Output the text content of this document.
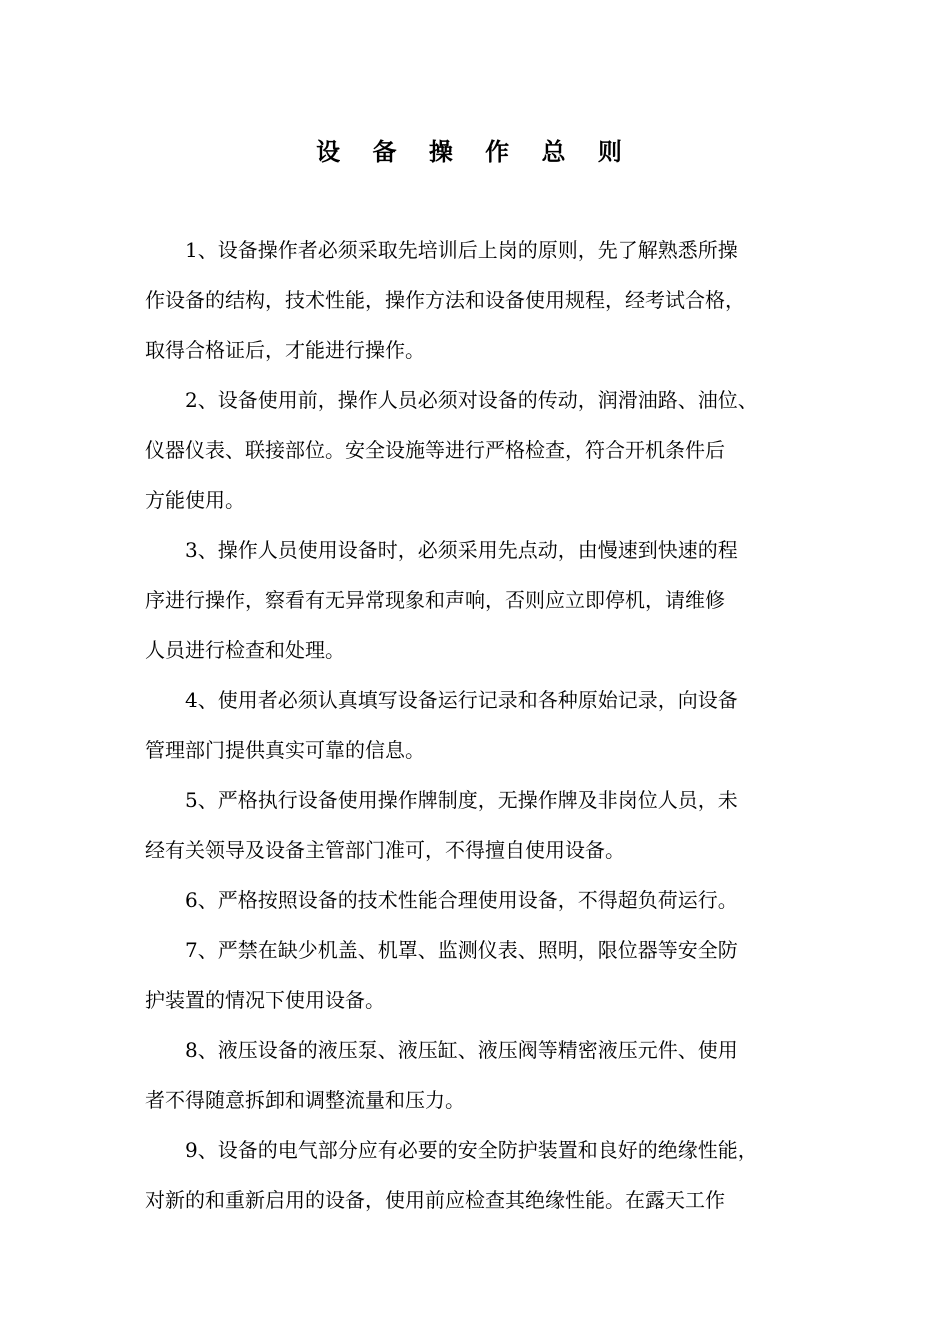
设 备 操 作 总 则

1、设备操作者必须采取先培训后上岗的原则，先了解熟悉所操
作设备的结构，技术性能，操作方法和设备使用规程，经考试合格，
取得合格证后，才能进行操作。

2、设备使用前，操作人员必须对设备的传动，润滑油路、油位、
仪器仪表、联接部位。安全设施等进行严格检查，符合开机条件后
方能使用。

3、操作人员使用设备时，必须采用先点动，由慢速到快速的程
序进行操作，察看有无异常现象和声响，否则应立即停机，请维修
人员进行检查和处理。

4、使用者必须认真填写设备运行记录和各种原始记录，向设备
管理部门提供真实可靠的信息。

5、严格执行设备使用操作牌制度，无操作牌及非岗位人员，未
经有关领导及设备主管部门准可，不得擅自使用设备。

6、严格按照设备的技术性能合理使用设备，不得超负荷运行。

7、严禁在缺少机盖、机罩、监测仪表、照明，限位器等安全防
护装置的情况下使用设备。

8、液压设备的液压泵、液压缸、液压阀等精密液压元件、使用
者不得随意拆卸和调整流量和压力。

9、设备的电气部分应有必要的安全防护装置和良好的绝缘性能，
对新的和重新启用的设备，使用前应检查其绝缘性能。在露天工作
